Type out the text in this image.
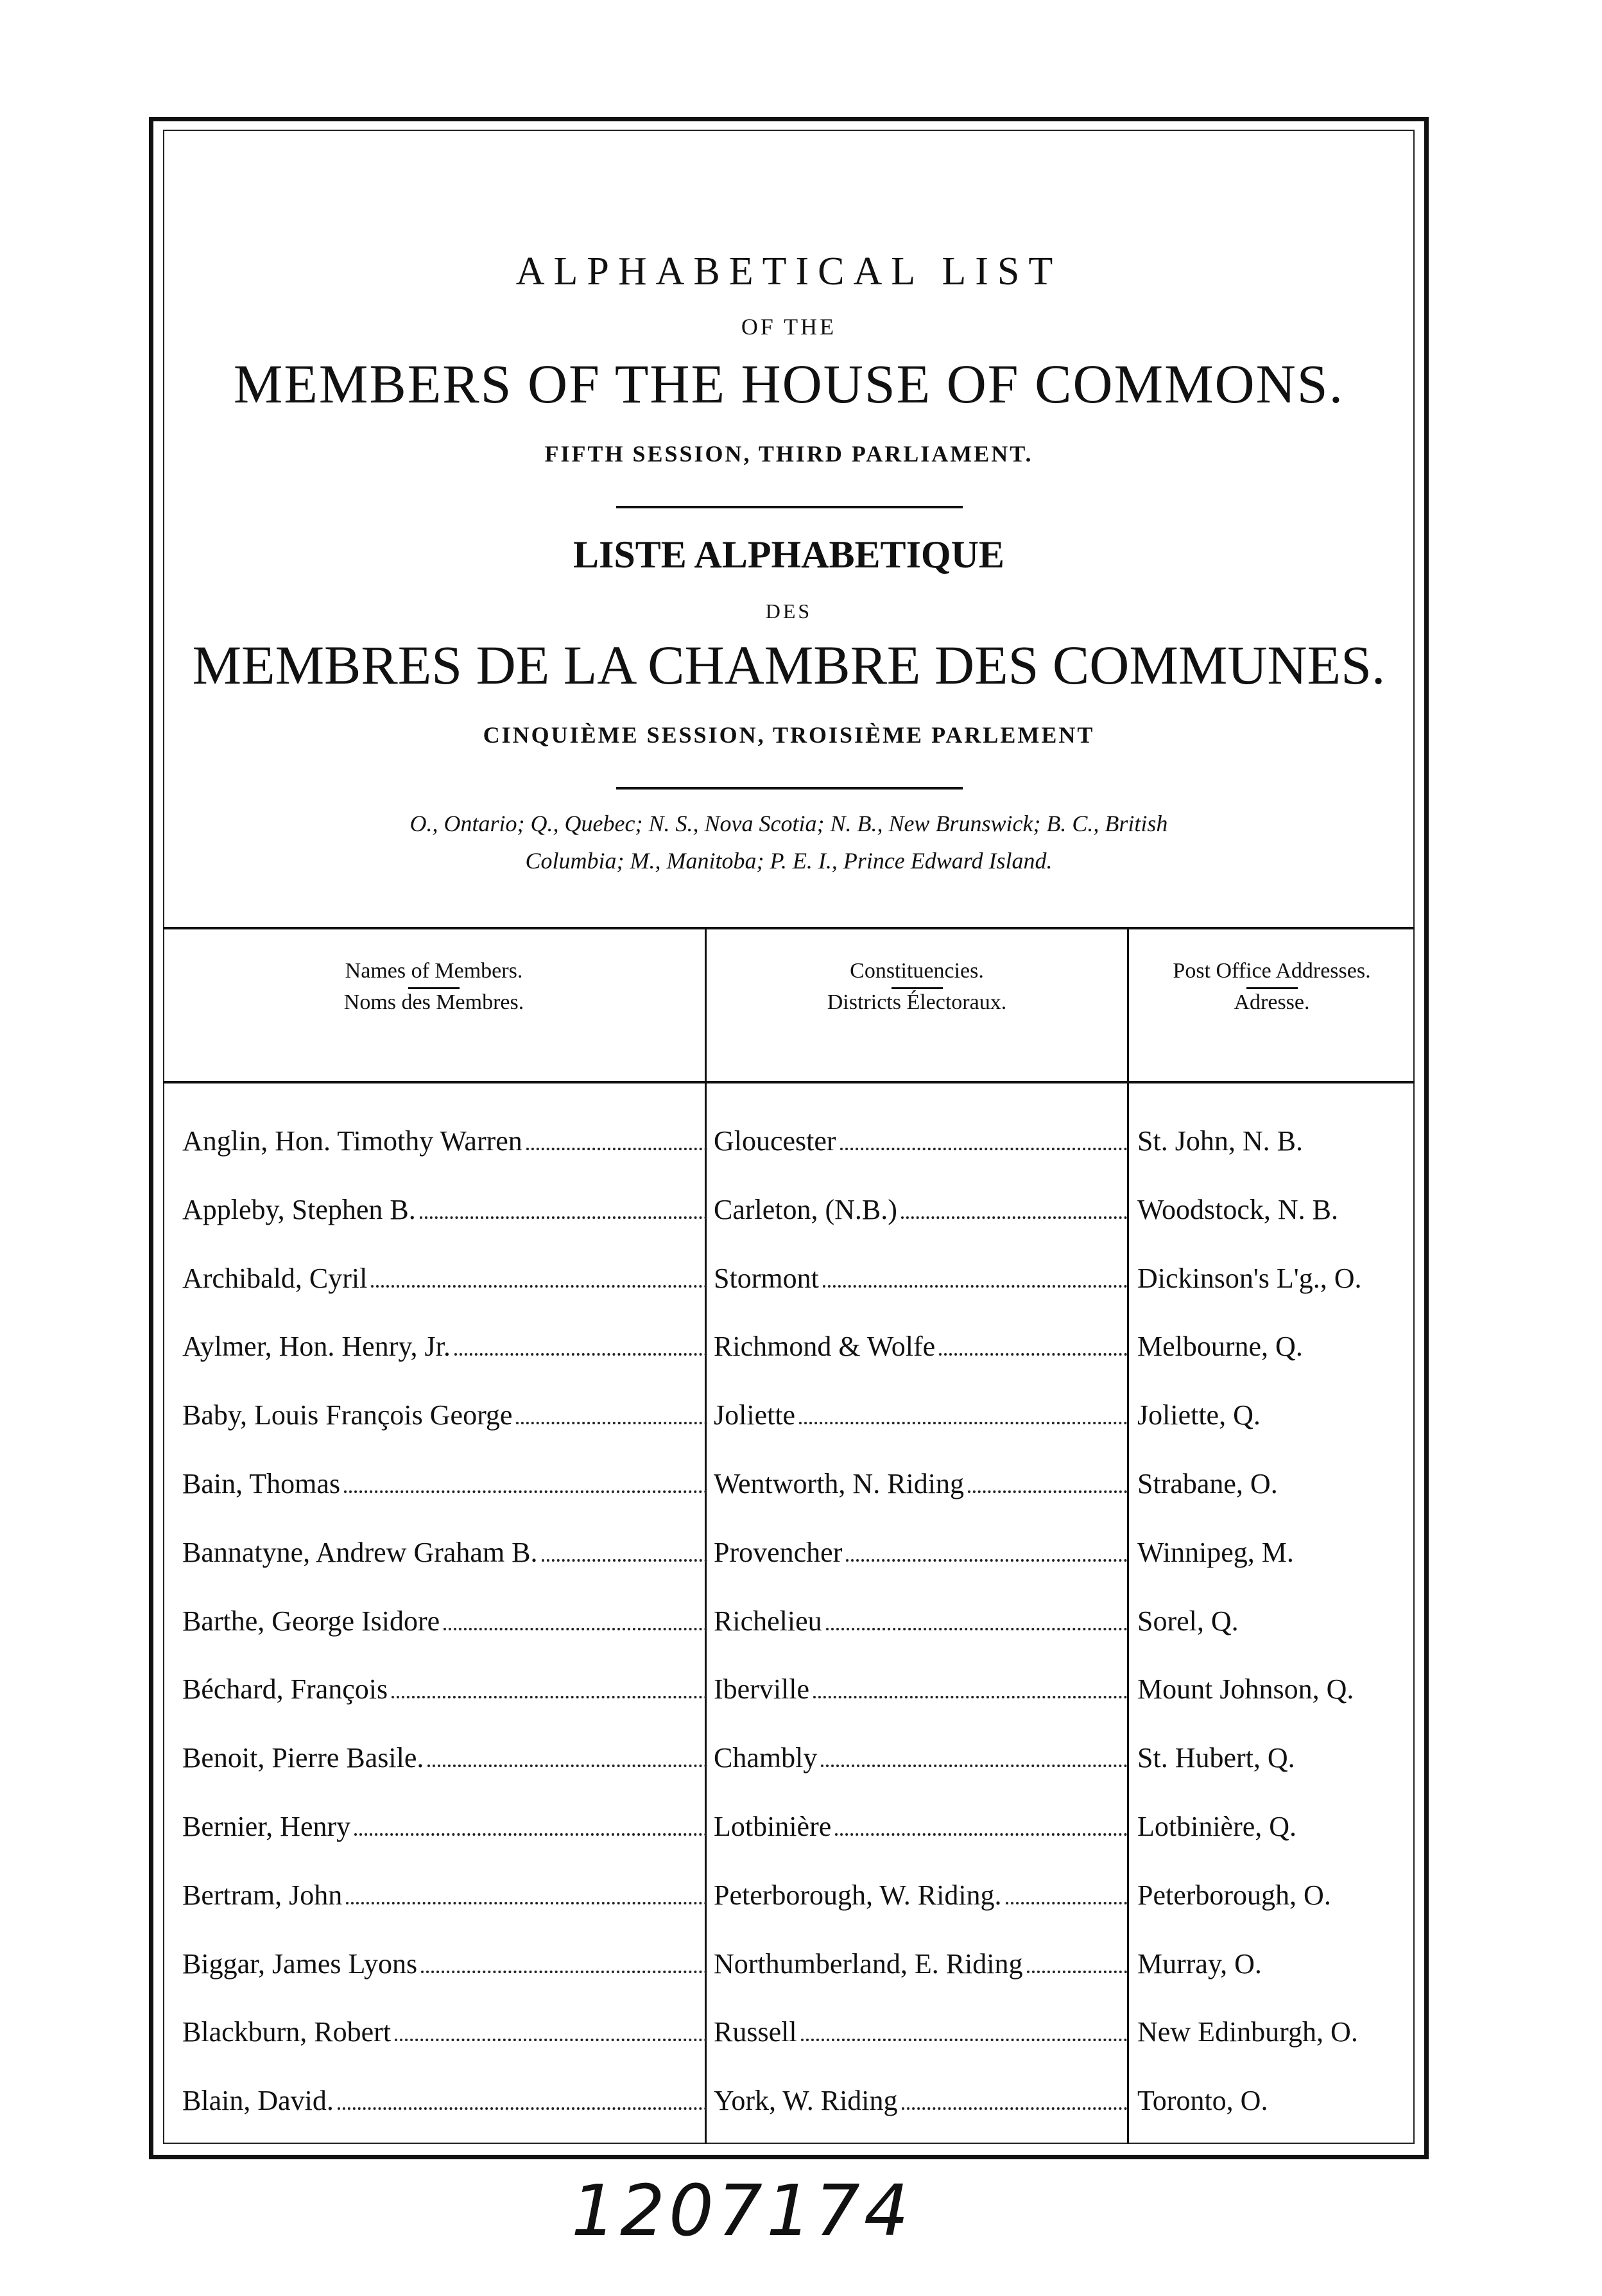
ALPHABETICAL LIST
OF THE
MEMBERS OF THE HOUSE OF COMMONS.
FIFTH SESSION, THIRD PARLIAMENT.
LISTE ALPHABETIQUE
DES
MEMBRES DE LA CHAMBRE DES COMMUNES.
CINQUIÈME SESSION, TROISIÈME PARLEMENT
O., Ontario; Q., Quebec; N. S., Nova Scotia; N. B., New Brunswick; B. C., British
Columbia; M., Manitoba; P. E. I., Prince Edward Island.
Names of Members.
Noms des Membres.
Constituencies.
Districts Électoraux.
Post Office Addresses.
Adresse.
Anglin, Hon. Timothy Warren	Gloucester	St. John, N. B.
Appleby, Stephen B.	Carleton, (N.B.)	Woodstock, N. B.
Archibald, Cyril	Stormont	Dickinson's L'g., O.
Aylmer, Hon. Henry, Jr.	Richmond & Wolfe	Melbourne, Q.
Baby, Louis François George	Joliette	Joliette, Q.
Bain, Thomas	Wentworth, N. Riding	Strabane, O.
Bannatyne, Andrew Graham B.	Provencher	Winnipeg, M.
Barthe, George Isidore	Richelieu	Sorel, Q.
Béchard, François	Iberville	Mount Johnson, Q.
Benoit, Pierre Basile.	Chambly	St. Hubert, Q.
Bernier, Henry	Lotbinière	Lotbinière, Q.
Bertram, John	Peterborough, W. Riding.	Peterborough, O.
Biggar, James Lyons	Northumberland, E. Riding	Murray, O.
Blackburn, Robert	Russell	New Edinburgh, O.
Blain, David.	York, W. Riding	Toronto, O.
1207174
